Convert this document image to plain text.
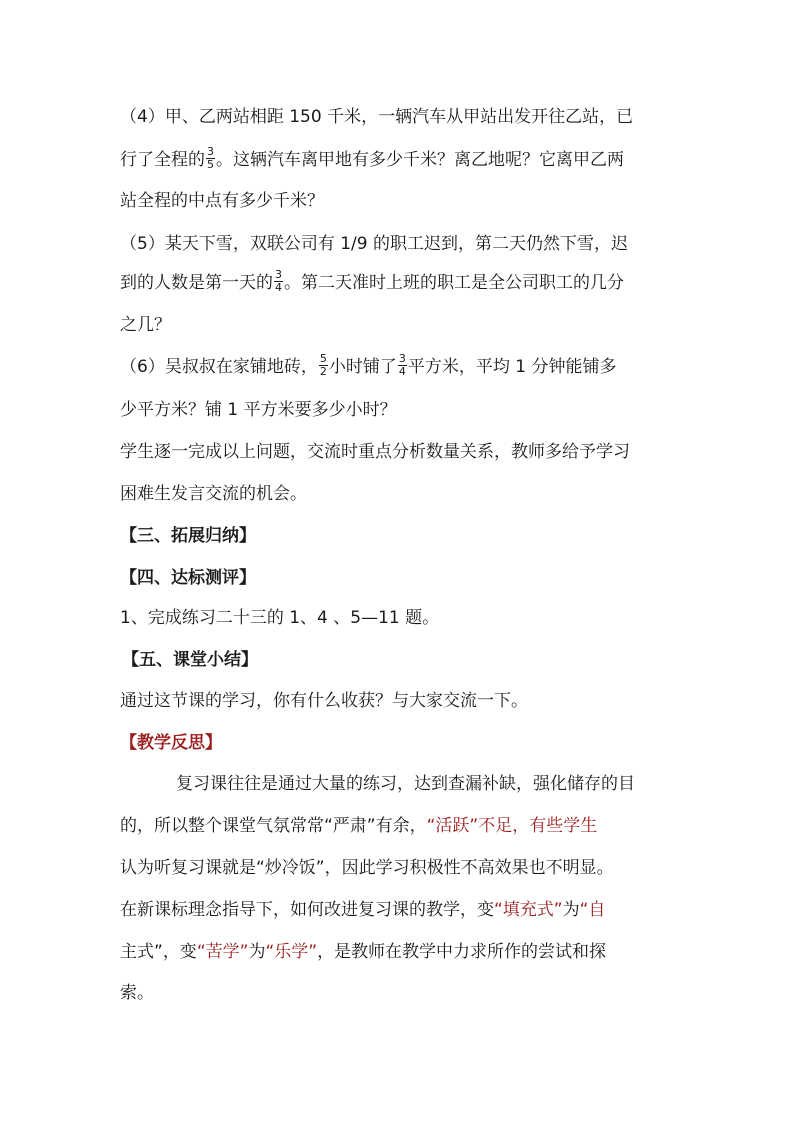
（4）甲、乙两站相距 150 千米，一辆汽车从甲站出发开往乙站，已
行了全程的 $\frac{3}{5}$ 。这辆汽车离甲地有多少千米？离乙地呢？它离甲乙两
站全程的中点有多少千米？
（5）某天下雪，双联公司有 1/9 的职工迟到，第二天仍然下雪，迟
到的人数是第一天的 $\frac{3}{4}$ 。第二天准时上班的职工是全公司职工的几分
之几？
（6）吴叔叔在家铺地砖， $\frac{5}{2}$ 小时铺了 $\frac{3}{4}$ 平方米，平均 1 分钟能铺多
少平方米？铺 1 平方米要多少小时？
学生逐一完成以上问题，交流时重点分析数量关系，教师多给予学习
困难生发言交流的机会。
【三、拓展归纳】
【四、达标测评】
1、完成练习二十三的 1、4 、5—11 题。
【五、课堂小结】
通过这节课的学习，你有什么收获？与大家交流一下。
【教学反思】
复习课往往是通过大量的练习，达到查漏补缺，强化储存的目
的，所以整个课堂气氛常常“严肃”有余，“活跃”不足，有些学生
认为听复习课就是“炒冷饭”，因此学习积极性不高效果也不明显。
在新课标理念指导下，如何改进复习课的教学，变“填充式”为“自
主式”，变“苦学”为“乐学”，是教师在教学中力求所作的尝试和探
索。
